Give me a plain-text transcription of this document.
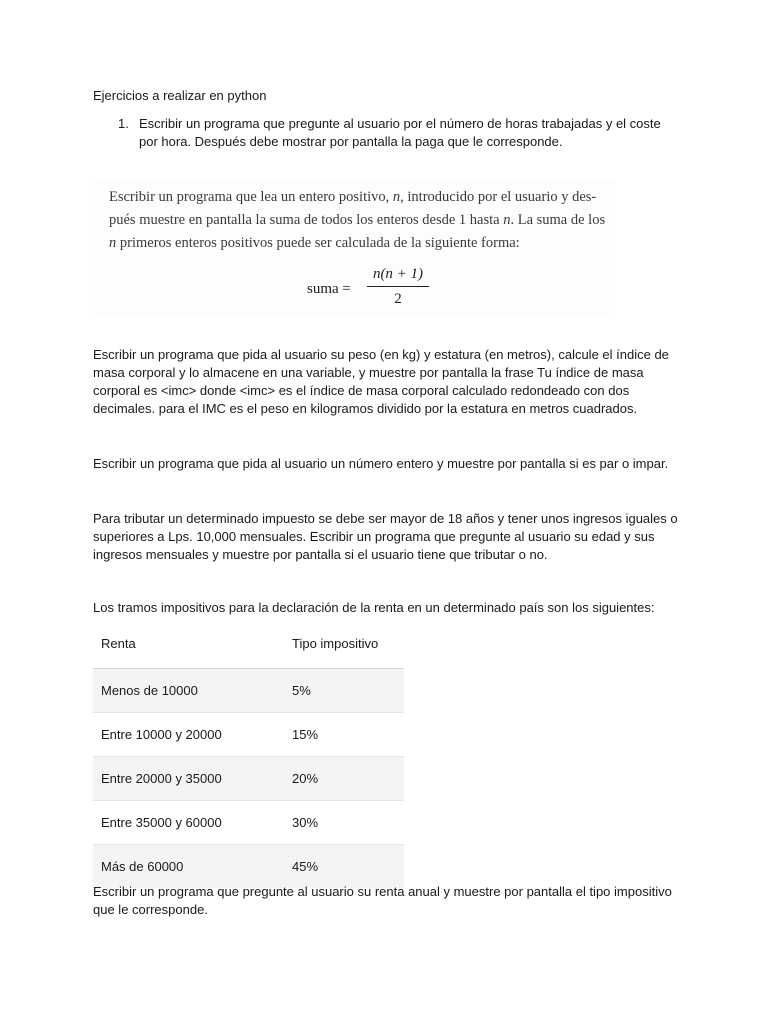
Ejercicios a realizar en python
1. Escribir un programa que pregunte al usuario por el número de horas trabajadas y el coste por hora. Después debe mostrar por pantalla la paga que le corresponde.
Escribir un programa que lea un entero positivo, n, introducido por el usuario y des-
pués muestre en pantalla la suma de todos los enteros desde 1 hasta n. La suma de los
n primeros enteros positivos puede ser calculada de la siguiente forma:
suma =
n(n + 1)
2
Escribir un programa que pida al usuario su peso (en kg) y estatura (en metros), calcule el índice de masa corporal y lo almacene en una variable, y muestre por pantalla la frase Tu índice de masa corporal es <imc> donde <imc> es el índice de masa corporal calculado redondeado con dos decimales. para el IMC es el peso en kilogramos dividido por la estatura en metros cuadrados.
Escribir un programa que pida al usuario un número entero y muestre por pantalla si es par o impar.
Para tributar un determinado impuesto se debe ser mayor de 18 años y tener unos ingresos iguales o superiores a Lps. 10,000 mensuales. Escribir un programa que pregunte al usuario su edad y sus ingresos mensuales y muestre por pantalla si el usuario tiene que tributar o no.
Los tramos impositivos para la declaración de la renta en un determinado país son los siguientes:
Renta	Tipo impositivo
Menos de 10000	5%
Entre 10000 y 20000	15%
Entre 20000 y 35000	20%
Entre 35000 y 60000	30%
Más de 60000	45%
Escribir un programa que pregunte al usuario su renta anual y muestre por pantalla el tipo impositivo que le corresponde.
